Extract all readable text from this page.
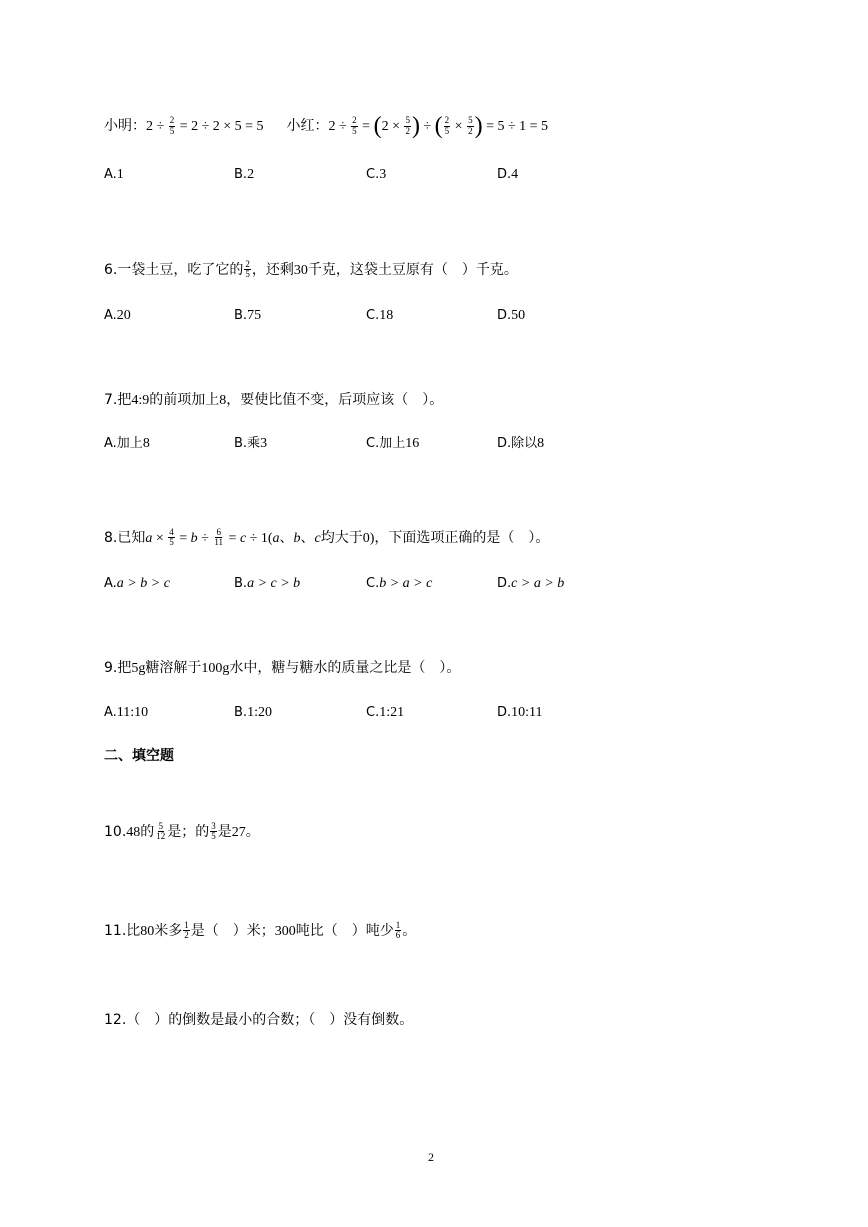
小明：$2 \div \frac{2}{5} = 2 \div 2 \times 5 = 5$ 小红：$2 \div \frac{2}{5} = (2 \times \frac{5}{2}$ ) ÷ ( $\frac{2}{5} \times \frac{5}{2}$ ) = 5 ÷ 1 = 5
A.1	B.2	C.3	D.4
6.一袋土豆，吃了它的 $\frac{2}{5}$ ，还剩30千克，这袋土豆原有（　）千克。
A.20	B.75	C.18	D.50
7.把4:9的前项加上8，要使比值不变，后项应该（　）。
A.加上8	B.乘3	C.加上16	D.除以8
8.已知$a \times \frac{4}{5} = b \div \frac{6}{11} = c \div 1(a$、b、c均大于0)，下面选项正确的是（　）。
A.a > b > c	B.a > c > b	C.b > a > c	D.c > a > b
9.把5g糖溶解于100g水中，糖与糖水的质量之比是（　）。
A.11:10	B.1:20	C.1:21	D.10:11
二、填空题
10.48的 $\frac{5}{12}$ 是；的 $\frac{3}{5}$ 是27。
11.比80米多 $\frac{1}{2}$ 是（　）米；300吨比（　）吨少 $\frac{1}{6}$ 。
12.（　）的倒数是最小的合数；（　）没有倒数。
2
